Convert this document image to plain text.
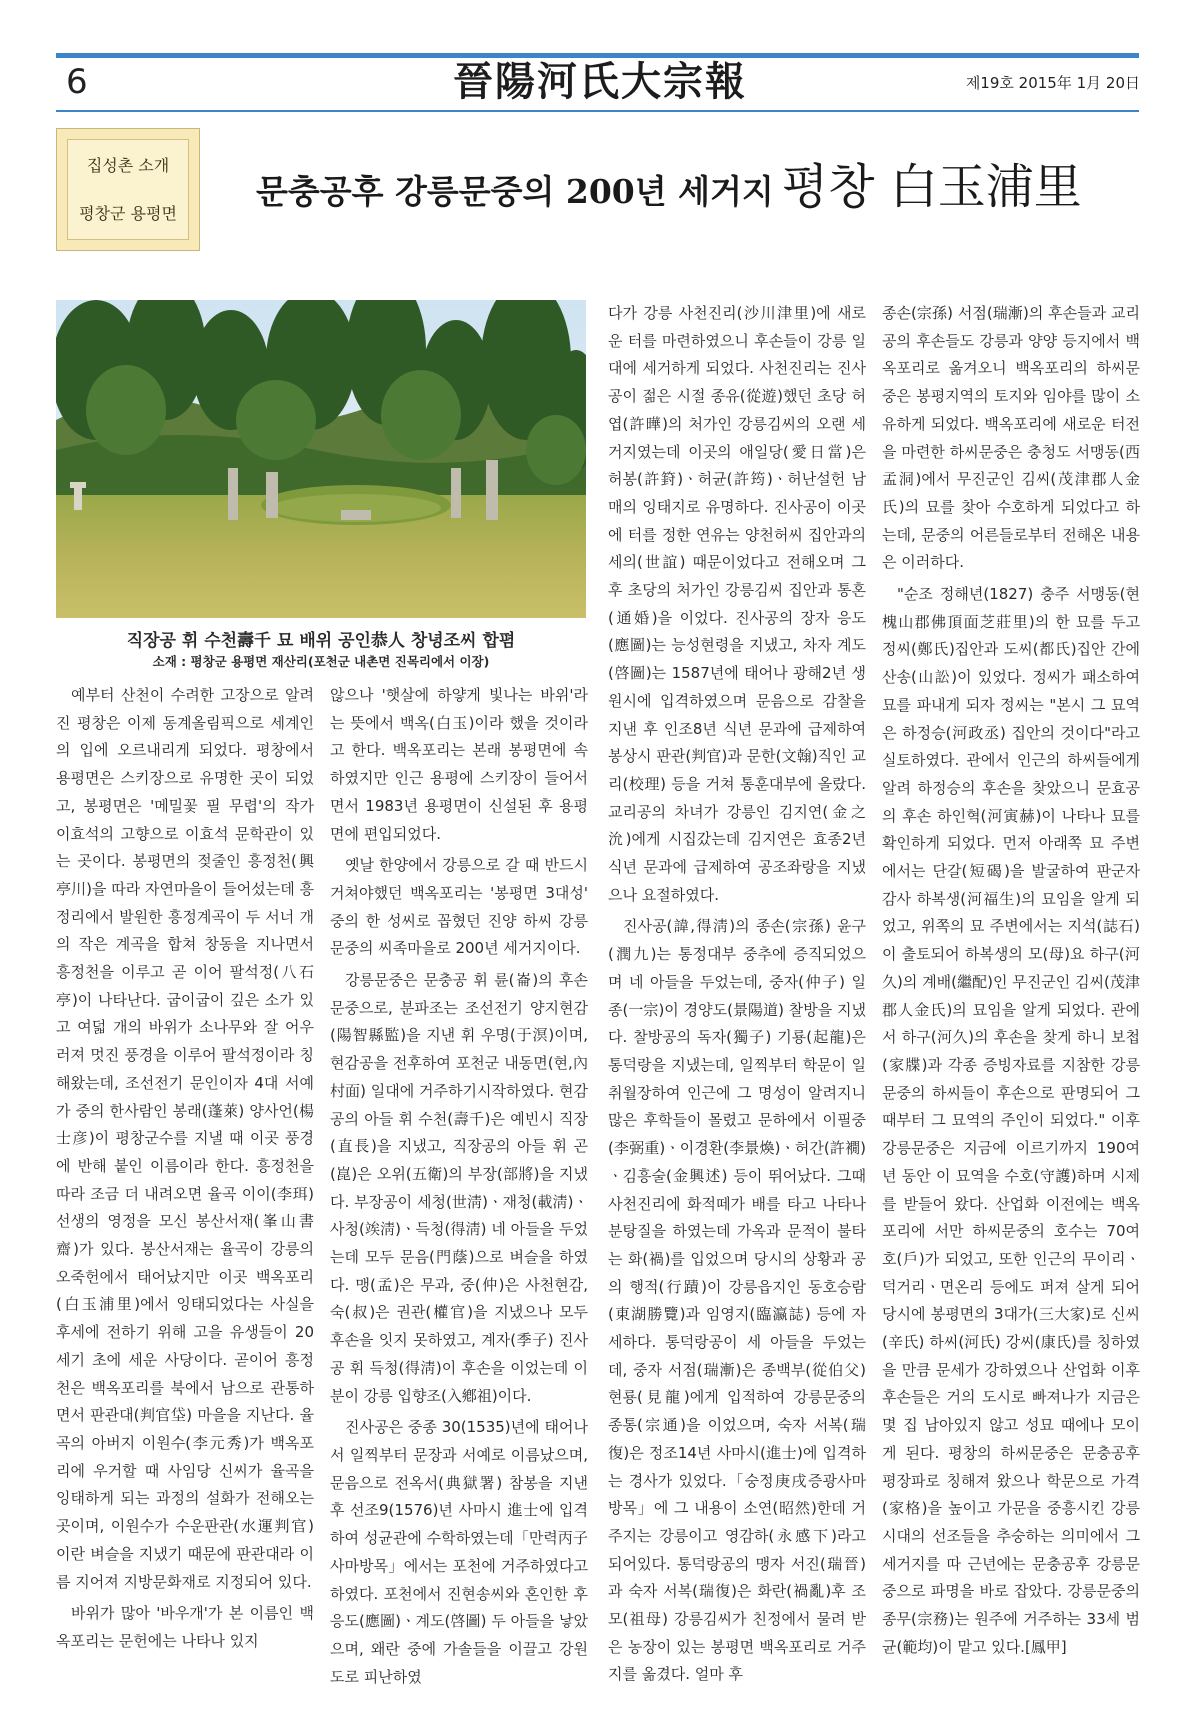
6	晉陽河氏大宗報	제19호 2015年 1月 20日
집성촌 소개
평창군 용평면
문충공후 강릉문중의 200년 세거지 평창 白玉浦里
직장공 휘 수천壽千 묘 배위 공인恭人 창녕조씨 합폄
소재 : 평창군 용평면 재산리(포천군 내촌면 진목리에서 이장)

예부터 산천이 수려한 고장으로 알려진 평창은 이제 동계올림픽으로 세계인의 입에 오르내리게 되었다. 평창에서 용평면은 스키장으로 유명한 곳이 되었고, 봉평면은 '메밀꽃 필 무렵'의 작가 이효석의 고향으로 이효석 문학관이 있는 곳이다. 봉평면의 젖줄인 흥정천(興亭川)을 따라 자연마을이 들어섰는데 흥정리에서 발원한 흥정계곡이 두 서너 개의 작은 계곡을 합쳐 창동을 지나면서 흥정천을 이루고 곧 이어 팔석정(八石亭)이 나타난다. 굽이굽이 깊은 소가 있고 여덟 개의 바위가 소나무와 잘 어우러져 멋진 풍경을 이루어 팔석정이라 칭해왔는데, 조선전기 문인이자 4대 서예가 중의 한사람인 봉래(蓬萊) 양사언(楊士彦)이 평창군수를 지낼 때 이곳 풍경에 반해 붙인 이름이라 한다. 흥정천을 따라 조금 더 내려오면 율곡 이이(李珥)선생의 영정을 모신 봉산서재(峯山書齋)가 있다. 봉산서재는 율곡이 강릉의 오죽헌에서 태어났지만 이곳 백옥포리(白玉浦里)에서 잉태되었다는 사실을 후세에 전하기 위해 고을 유생들이 20세기 초에 세운 사당이다. 곧이어 흥정천은 백옥포리를 북에서 남으로 관통하면서 판관대(判官垈) 마을을 지난다. 율곡의 아버지 이원수(李元秀)가 백옥포리에 우거할 때 사임당 신씨가 율곡을 잉태하게 되는 과정의 설화가 전해오는 곳이며, 이원수가 수운판관(水運判官)이란 벼슬을 지냈기 때문에 판관대라 이름 지어져 지방문화재로 지정되어 있다.

바위가 많아 '바우개'가 본 이름인 백옥포리는 문헌에는 나타나 있지

않으나 '햇살에 하얗게 빛나는 바위'라는 뜻에서 백옥(白玉)이라 했을 것이라고 한다. 백옥포리는 본래 봉평면에 속하였지만 인근 용평에 스키장이 들어서면서 1983년 용평면이 신설된 후 용평면에 편입되었다.

옛날 한양에서 강릉으로 갈 때 반드시 거쳐야했던 백옥포리는 '봉평면 3대성' 중의 한 성씨로 꼽혔던 진양 하씨 강릉문중의 씨족마을로 200년 세거지이다.

강릉문중은 문충공 휘 륜(崙)의 후손 문중으로, 분파조는 조선전기 양지현감(陽智縣監)을 지낸 휘 우명(于溟)이며, 현감공을 전후하여 포천군 내동면(현,內村面) 일대에 거주하기시작하였다. 현감공의 아들 휘 수천(壽千)은 예빈시 직장(直長)을 지냈고, 직장공의 아들 휘 곤(崑)은 오위(五衛)의 부장(部將)을 지냈다. 부장공이 세청(世淸)ㆍ재청(載淸)ㆍ사청(竢淸)ㆍ득청(得淸) 네 아들을 두었는데 모두 문음(門蔭)으로 벼슬을 하였다. 맹(孟)은 무과, 중(仲)은 사천현감, 숙(叔)은 권관(權官)을 지냈으나 모두 후손을 잇지 못하였고, 계자(季子) 진사공 휘 득청(得淸)이 후손을 이었는데 이분이 강릉 입향조(入鄕祖)이다.

진사공은 중종 30(1535)년에 태어나서 일찍부터 문장과 서예로 이름났으며, 문음으로 전옥서(典獄署) 참봉을 지낸 후 선조9(1576)년 사마시 進士에 입격하여 성균관에 수학하였는데「만력丙子사마방목」에서는 포천에 거주하였다고 하였다. 포천에서 진현송씨와 혼인한 후 응도(應圖)ㆍ계도(啓圖) 두 아들을 낳았으며, 왜란 중에 가솔들을 이끌고 강원도로 피난하였

다가 강릉 사천진리(沙川津里)에 새로운 터를 마련하였으니 후손들이 강릉 일대에 세거하게 되었다. 사천진리는 진사공이 젊은 시절 종유(從遊)했던 초당 허엽(許曄)의 처가인 강릉김씨의 오랜 세거지였는데 이곳의 애일당(愛日當)은 허봉(許篈)ㆍ허균(許筠)ㆍ허난설헌 남매의 잉태지로 유명하다. 진사공이 이곳에 터를 정한 연유는 양천허씨 집안과의 세의(世誼) 때문이었다고 전해오며 그 후 초당의 처가인 강릉김씨 집안과 통혼(通婚)을 이었다. 진사공의 장자 응도(應圖)는 능성현령을 지냈고, 차자 계도(啓圖)는 1587년에 태어나 광해2년 생원시에 입격하였으며 문음으로 감찰을 지낸 후 인조8년 식년 문과에 급제하여 봉상시 판관(判官)과 문한(文翰)직인 교리(校理) 등을 거쳐 통훈대부에 올랐다. 교리공의 차녀가 강릉인 김지연(金之沇)에게 시집갔는데 김지연은 효종2년 식년 문과에 급제하여 공조좌랑을 지냈으나 요절하였다.

진사공(諱,得淸)의 종손(宗孫) 윤구(潤九)는 통정대부 중추에 증직되었으며 네 아들을 두었는데, 중자(仲子) 일종(一宗)이 경양도(景陽道) 찰방을 지냈다. 찰방공의 독자(獨子) 기룡(起龍)은 통덕랑을 지냈는데, 일찍부터 학문이 일취월장하여 인근에 그 명성이 알려지니 많은 후학들이 몰렸고 문하에서 이필중(李弼重)ㆍ이경환(李景煥)ㆍ허간(許襉)ㆍ김흥술(金興述) 등이 뛰어났다. 그때 사천진리에 화적떼가 배를 타고 나타나 분탕질을 하였는데 가옥과 문적이 불타는 화(禍)를 입었으며 당시의 상황과 공의 행적(行蹟)이 강릉읍지인 동호승람(東湖勝覽)과 임영지(臨瀛誌) 등에 자세하다. 통덕랑공이 세 아들을 두었는데, 중자 서점(瑞漸)은 종백부(從伯父) 현룡(見龍)에게 입적하여 강릉문중의 종통(宗通)을 이었으며, 숙자 서복(瑞復)은 정조14년 사마시(進士)에 입격하는 경사가 있었다.「숭정庚戌증광사마방목」에 그 내용이 소연(昭然)한데 거주지는 강릉이고 영감하(永感下)라고 되어있다. 통덕랑공의 맹자 서진(瑞晉)과 숙자 서복(瑞復)은 화란(禍亂)후 조모(祖母) 강릉김씨가 친정에서 물려 받은 농장이 있는 봉평면 백옥포리로 거주지를 옮겼다. 얼마 후

종손(宗孫) 서점(瑞漸)의 후손들과 교리공의 후손들도 강릉과 양양 등지에서 백옥포리로 옮겨오니 백옥포리의 하씨문중은 봉평지역의 토지와 임야를 많이 소유하게 되었다. 백옥포리에 새로운 터전을 마련한 하씨문중은 충청도 서맹동(西孟洞)에서 무진군인 김씨(茂津郡人金氏)의 묘를 찾아 수호하게 되었다고 하는데, 문중의 어른들로부터 전해온 내용은 이러하다.

"순조 정해년(1827) 충주 서맹동(현槐山郡佛頂面芝莊里)의 한 묘를 두고 정씨(鄭氏)집안과 도씨(都氏)집안 간에 산송(山訟)이 있었다. 정씨가 패소하여 묘를 파내게 되자 정씨는 "본시 그 묘역은 하정승(河政丞) 집안의 것이다"라고 실토하였다. 관에서 인근의 하씨들에게 알려 하정승의 후손을 찾았으니 문효공의 후손 하인혁(河寅赫)이 나타나 묘를 확인하게 되었다. 먼저 아래쪽 묘 주변에서는 단갈(短碣)을 발굴하여 판군자감사 하복생(河福生)의 묘임을 알게 되었고, 위쪽의 묘 주변에서는 지석(誌石)이 출토되어 하복생의 모(母)요 하구(河久)의 계배(繼配)인 무진군인 김씨(茂津郡人金氏)의 묘임을 알게 되었다. 관에서 하구(河久)의 후손을 찾게 하니 보첩(家牒)과 각종 증빙자료를 지참한 강릉문중의 하씨들이 후손으로 판명되어 그때부터 그 묘역의 주인이 되었다." 이후 강릉문중은 지금에 이르기까지 190여 년 동안 이 묘역을 수호(守護)하며 시제를 받들어 왔다. 산업화 이전에는 백옥포리에 서만 하씨문중의 호수는 70여 호(戶)가 되었고, 또한 인근의 무이리ㆍ덕거리ㆍ면온리 등에도 퍼져 살게 되어 당시에 봉평면의 3대가(三大家)로 신씨(辛氏) 하씨(河氏) 강씨(康氏)를 칭하였을 만큼 문세가 강하였으나 산업화 이후 후손들은 거의 도시로 빠져나가 지금은 몇 집 남아있지 않고 성묘 때에나 모이게 된다. 평창의 하씨문중은 문충공후 평장파로 칭해져 왔으나 학문으로 가격(家格)을 높이고 가문을 중흥시킨 강릉시대의 선조들을 추숭하는 의미에서 그 세거지를 따 근년에는 문충공후 강릉문중으로 파명을 바로 잡았다. 강릉문중의 종무(宗務)는 원주에 거주하는 33세 범균(範均)이 맡고 있다.[鳳甲]
